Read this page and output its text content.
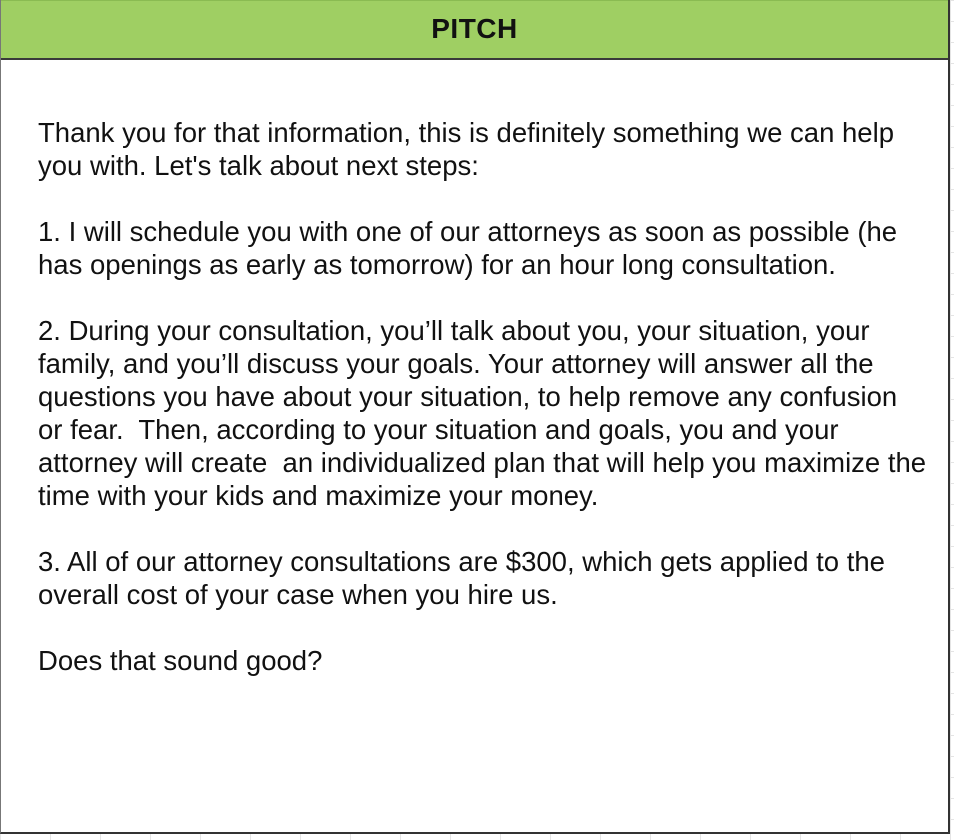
PITCH

Thank you for that information, this is definitely something we can help you with. Let's talk about next steps:

1. I will schedule you with one of our attorneys as soon as possible (he has openings as early as tomorrow) for an hour long consultation.

2. During your consultation, you’ll talk about you, your situation, your family, and you’ll discuss your goals. Your attorney will answer all the  questions you have about your situation, to help remove any confusion or fear.  Then, according to your situation and goals, you and your attorney will create  an individualized plan that will help you maximize the time with your kids and maximize your money.

3. All of our attorney consultations are $300, which gets applied to the overall cost of your case when you hire us.

Does that sound good?
